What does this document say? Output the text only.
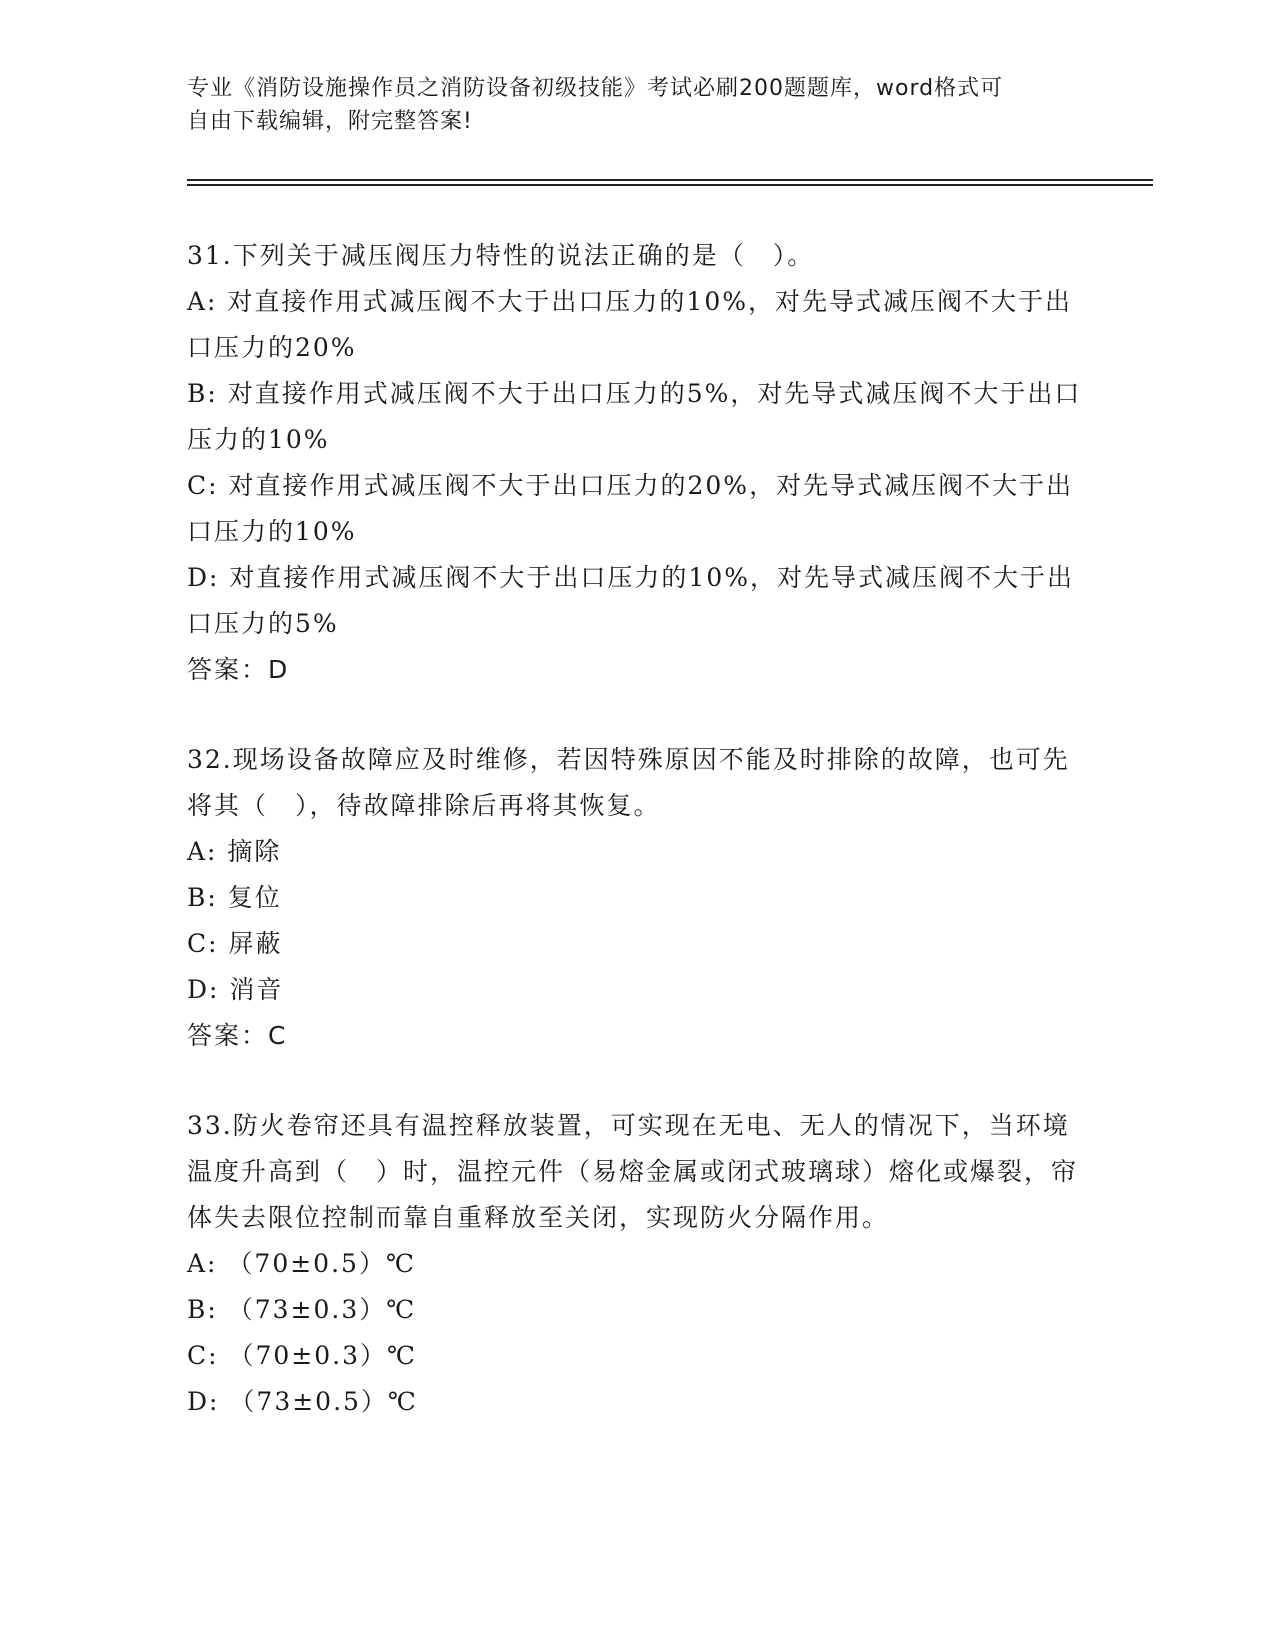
专业《消防设施操作员之消防设备初级技能》考试必刷200题题库，word格式可
自由下载编辑，附完整答案!

31.下列关于减压阀压力特性的说法正确的是（　）。

A: 对直接作用式减压阀不大于出口压力的10%，对先导式减压阀不大于出口压力的20%

B: 对直接作用式减压阀不大于出口压力的5%，对先导式减压阀不大于出口压力的10%

C: 对直接作用式减压阀不大于出口压力的20%，对先导式减压阀不大于出口压力的10%

D: 对直接作用式减压阀不大于出口压力的10%，对先导式减压阀不大于出口压力的5%

答案：D

32.现场设备故障应及时维修，若因特殊原因不能及时排除的故障，也可先将其（　），待故障排除后再将其恢复。

A: 摘除

B: 复位

C: 屏蔽

D: 消音

答案：C

33.防火卷帘还具有温控释放装置，可实现在无电、无人的情况下，当环境温度升高到（　）时，温控元件（易熔金属或闭式玻璃球）熔化或爆裂，帘体失去限位控制而靠自重释放至关闭，实现防火分隔作用。

A: （70±0.5）℃

B: （73±0.3）℃

C: （70±0.3）℃

D: （73±0.5）℃
